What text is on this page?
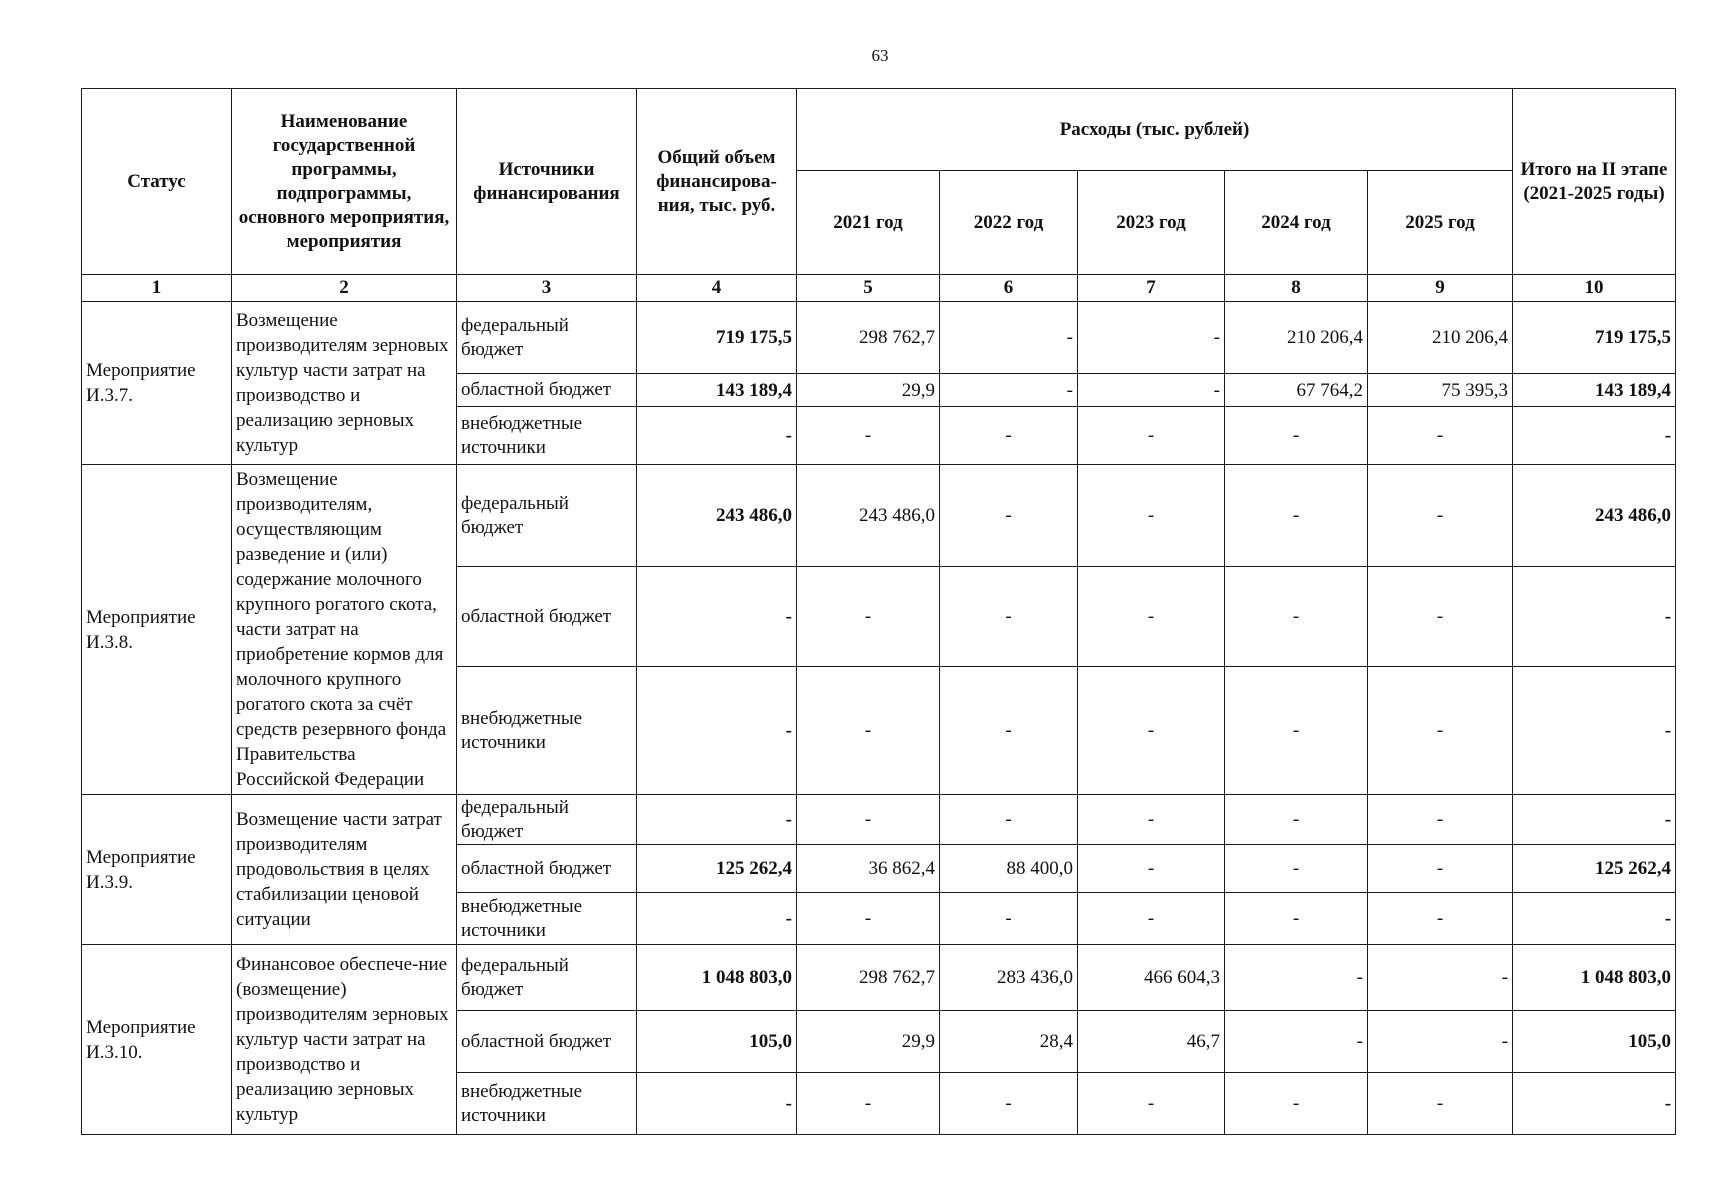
63
Статус	Наименование государственной программы, подпрограммы, основного мероприятия, мероприятия	Источники финансирования	Общий объем финансирова-ния, тыс. руб.	Расходы (тыс. рублей)					Итого на II этапе (2021-2025 годы)
				2021 год	2022 год	2023 год	2024 год	2025 год	
1	2	3	4	5	6	7	8	9	10
Мероприятие И.3.7.	Возмещение производителям зерновых культур части затрат на производство и реализацию зерновых культур	федеральный бюджет	719 175,5	298 762,7	-	-	210 206,4	210 206,4	719 175,5
		областной бюджет	143 189,4	29,9	-	-	67 764,2	75 395,3	143 189,4
		внебюджетные источники	-	-	-	-	-	-	-
Мероприятие И.3.8.	Возмещение производителям, осуществляющим разведение и (или) содержание молочного крупного рогатого скота, части затрат на приобретение кормов для молочного крупного рогатого скота за счёт средств резервного фонда Правительства Российской Федерации	федеральный бюджет	243 486,0	243 486,0	-	-	-	-	243 486,0
		областной бюджет	-	-	-	-	-	-	-
		внебюджетные источники	-	-	-	-	-	-	-
Мероприятие И.3.9.	Возмещение части затрат производителям продовольствия в целях стабилизации ценовой ситуации	федеральный бюджет	-	-	-	-	-	-	-
		областной бюджет	125 262,4	36 862,4	88 400,0	-	-	-	125 262,4
		внебюджетные источники	-	-	-	-	-	-	-
Мероприятие И.3.10.	Финансовое обеспече-ние (возмещение) производителям зерновых культур части затрат на производство и реализацию зерновых культур	федеральный бюджет	1 048 803,0	298 762,7	283 436,0	466 604,3	-	-	1 048 803,0
		областной бюджет	105,0	29,9	28,4	46,7	-	-	105,0
		внебюджетные источники	-	-	-	-	-	-	-
